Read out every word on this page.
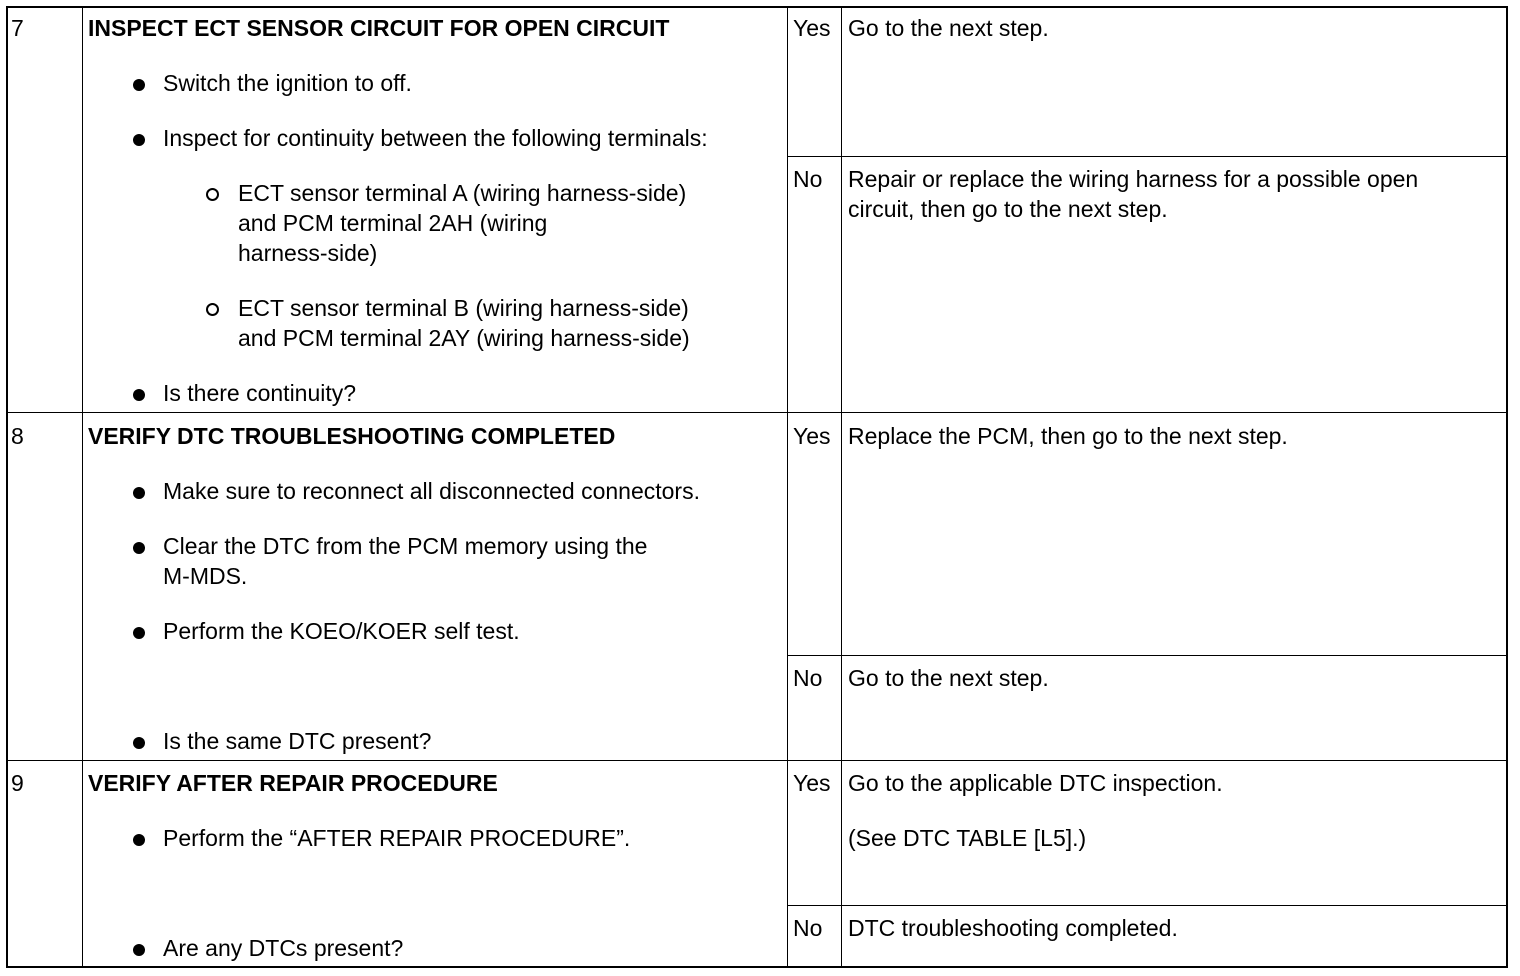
7	INSPECT ECT SENSOR CIRCUIT FOR OPEN CIRCUIT
Switch the ignition to off.
Inspect for continuity between the following terminals:
ECT sensor terminal A (wiring harness-side)
and PCM terminal 2AH (wiring
harness-side)
ECT sensor terminal B (wiring harness-side)
and PCM terminal 2AY (wiring harness-side)
Is there continuity?
Yes Go to the next step.
No Repair or replace the wiring harness for a possible open
circuit, then go to the next step.
8	VERIFY DTC TROUBLESHOOTING COMPLETED
Make sure to reconnect all disconnected connectors.
Clear the DTC from the PCM memory using the
M-MDS.
Perform the KOEO/KOER self test.
Is the same DTC present?
Yes Replace the PCM, then go to the next step.
No Go to the next step.
9	VERIFY AFTER REPAIR PROCEDURE
Perform the “AFTER REPAIR PROCEDURE”.
Are any DTCs present?
Yes Go to the applicable DTC inspection.
(See DTC TABLE [L5].)
No DTC troubleshooting completed.
